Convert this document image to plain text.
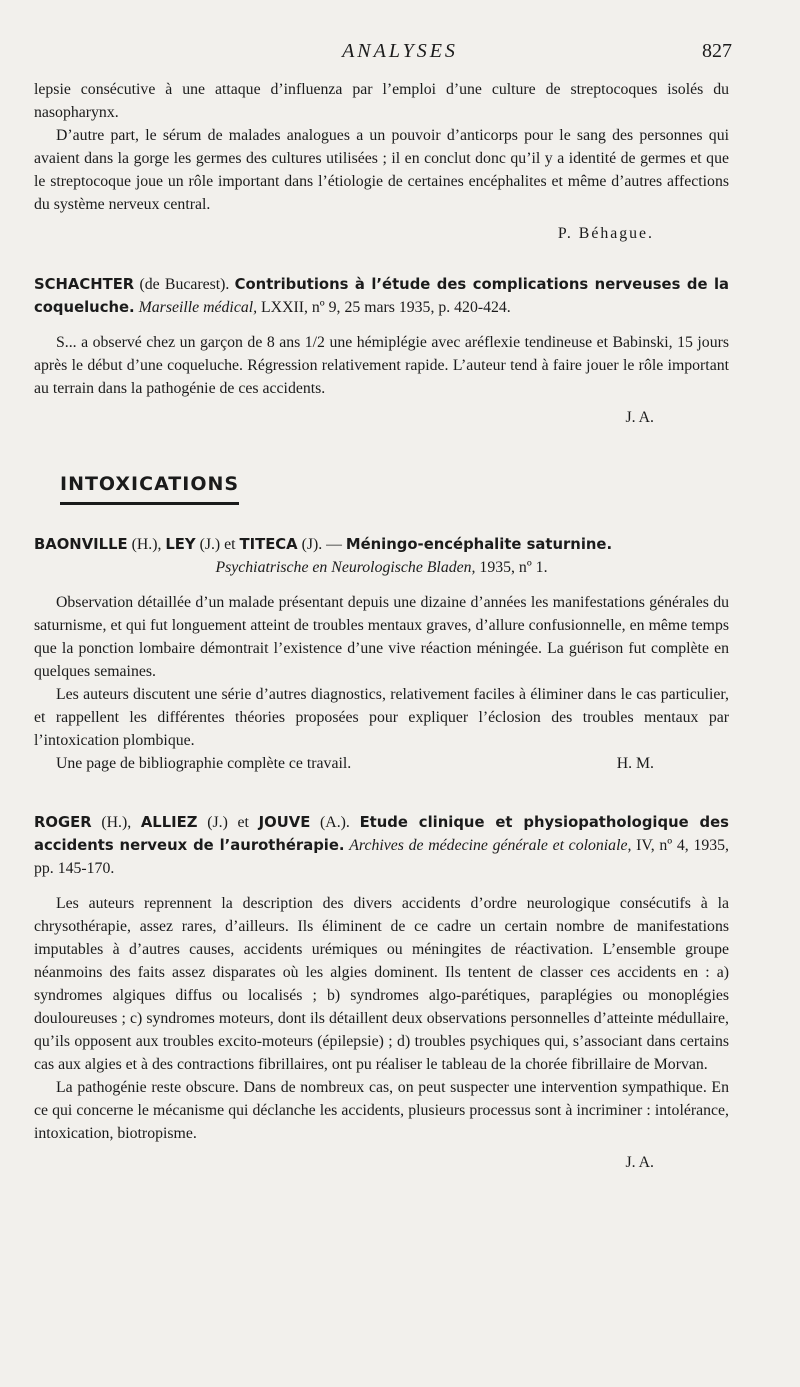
ANALYSES	827

lepsie consécutive à une attaque d’influenza par l’emploi d’une culture de streptocoques isolés du nasopharynx.

D’autre part, le sérum de malades analogues a un pouvoir d’anticorps pour le sang des personnes qui avaient dans la gorge les germes des cultures utilisées ; il en conclut donc qu’il y a identité de germes et que le streptocoque joue un rôle important dans l’étiologie de certaines encéphalites et même d’autres affections du système nerveux central.

P. Béhague.

SCHACHTER (de Bucarest). Contributions à l’étude des complications nerveuses de la coqueluche. Marseille médical, LXXII, nº 9, 25 mars 1935, p. 420-424.

S... a observé chez un garçon de 8 ans 1/2 une hémiplégie avec aréflexie tendineuse et Babinski, 15 jours après le début d’une coqueluche. Régression relativement rapide. L’auteur tend à faire jouer le rôle important au terrain dans la pathogénie de ces accidents.

J. A.

INTOXICATIONS

BAONVILLE (H.), LEY (J.) et TITECA (J). — Méningo-encéphalite saturnine.

Psychiatrische en Neurologische Bladen, 1935, nº 1.

Observation détaillée d’un malade présentant depuis une dizaine d’années les manifestations générales du saturnisme, et qui fut longuement atteint de troubles mentaux graves, d’allure confusionnelle, en même temps que la ponction lombaire démontrait l’existence d’une vive réaction méningée. La guérison fut complète en quelques semaines.

Les auteurs discutent une série d’autres diagnostics, relativement faciles à éliminer dans le cas particulier, et rappellent les différentes théories proposées pour expliquer l’éclosion des troubles mentaux par l’intoxication plombique.

Une page de bibliographie complète ce travail.	H. M.

ROGER (H.), ALLIEZ (J.) et JOUVE (A.). Etude clinique et physiopathologique des accidents nerveux de l’aurothérapie. Archives de médecine générale et coloniale, IV, nº 4, 1935, pp. 145-170.

Les auteurs reprennent la description des divers accidents d’ordre neurologique consécutifs à la chrysothérapie, assez rares, d’ailleurs. Ils éliminent de ce cadre un certain nombre de manifestations imputables à d’autres causes, accidents urémiques ou méningites de réactivation. L’ensemble groupe néanmoins des faits assez disparates où les algies dominent. Ils tentent de classer ces accidents en : a) syndromes algiques diffus ou localisés ; b) syndromes algo-parétiques, paraplégies ou monoplégies douloureuses ; c) syndromes moteurs, dont ils détaillent deux observations personnelles d’atteinte médullaire, qu’ils opposent aux troubles excito-moteurs (épilepsie) ; d) troubles psychiques qui, s’associant dans certains cas aux algies et à des contractions fibrillaires, ont pu réaliser le tableau de la chorée fibrillaire de Morvan.

La pathogénie reste obscure. Dans de nombreux cas, on peut suspecter une intervention sympathique. En ce qui concerne le mécanisme qui déclanche les accidents, plusieurs processus sont à incriminer : intolérance, intoxication, biotropisme.

J. A.
